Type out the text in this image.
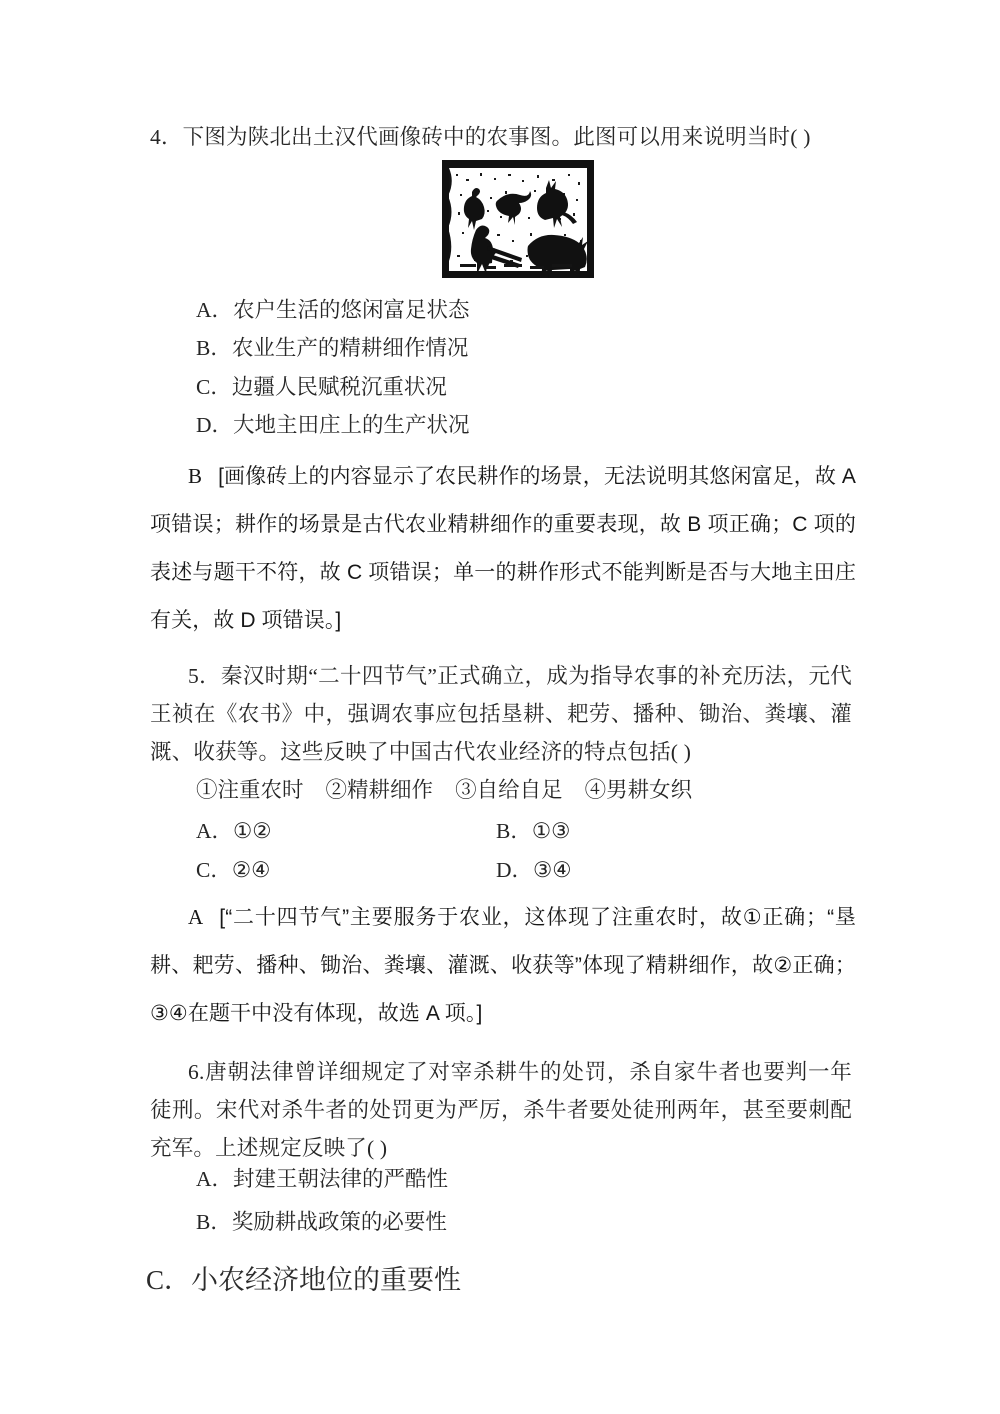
4．下图为陕北出土汉代画像砖中的农事图。此图可以用来说明当时( )
A．农户生活的悠闲富足状态
B．农业生产的精耕细作情况
C．边疆人民赋税沉重状况
D．大地主田庄上的生产状况
B [画像砖上的内容显示了农民耕作的场景，无法说明其悠闲富足，故 A 项错误；耕作的场景是古代农业精耕细作的重要表现，故 B 项正确；C 项的表述与题干不符，故 C 项错误；单一的耕作形式不能判断是否与大地主田庄有关，故 D 项错误。]
5．秦汉时期“二十四节气”正式确立，成为指导农事的补充历法，元代王祯在《农书》中，强调农事应包括垦耕、耙劳、播种、锄治、粪壤、灌溉、收获等。这些反映了中国古代农业经济的特点包括( )
①注重农时 ②精耕细作 ③自给自足 ④男耕女织
A．①②	B．①③
C．②④	D．③④
A [“二十四节气”主要服务于农业，这体现了注重农时，故①正确；“垦耕、耙劳、播种、锄治、粪壤、灌溉、收获等”体现了精耕细作，故②正确；③④在题干中没有体现，故选 A 项。]
6.唐朝法律曾详细规定了对宰杀耕牛的处罚，杀自家牛者也要判一年徒刑。宋代对杀牛者的处罚更为严厉，杀牛者要处徒刑两年，甚至要刺配充军。上述规定反映了( )
A．封建王朝法律的严酷性
B．奖励耕战政策的必要性
C．小农经济地位的重要性
